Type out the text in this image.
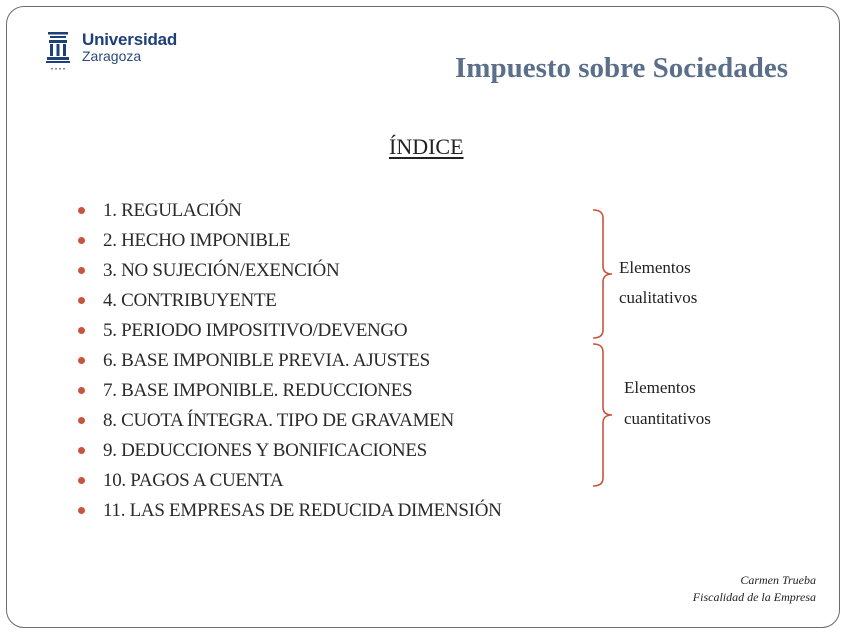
Universidad
Zaragoza	Impuesto sobre Sociedades
ÍNDICE
1. REGULACIÓN
2. HECHO IMPONIBLE
3. NO SUJECIÓN/EXENCIÓN
4. CONTRIBUYENTE
5. PERIODO IMPOSITIVO/DEVENGO
6. BASE IMPONIBLE PREVIA. AJUSTES
7. BASE IMPONIBLE. REDUCCIONES
8. CUOTA ÍNTEGRA. TIPO DE GRAVAMEN
9. DEDUCCIONES Y BONIFICACIONES
10. PAGOS A CUENTA
11. LAS EMPRESAS DE REDUCIDA DIMENSIÓN
Elementos
cualitativos
Elementos
cuantitativos
Carmen Trueba
Fiscalidad de la Empresa
